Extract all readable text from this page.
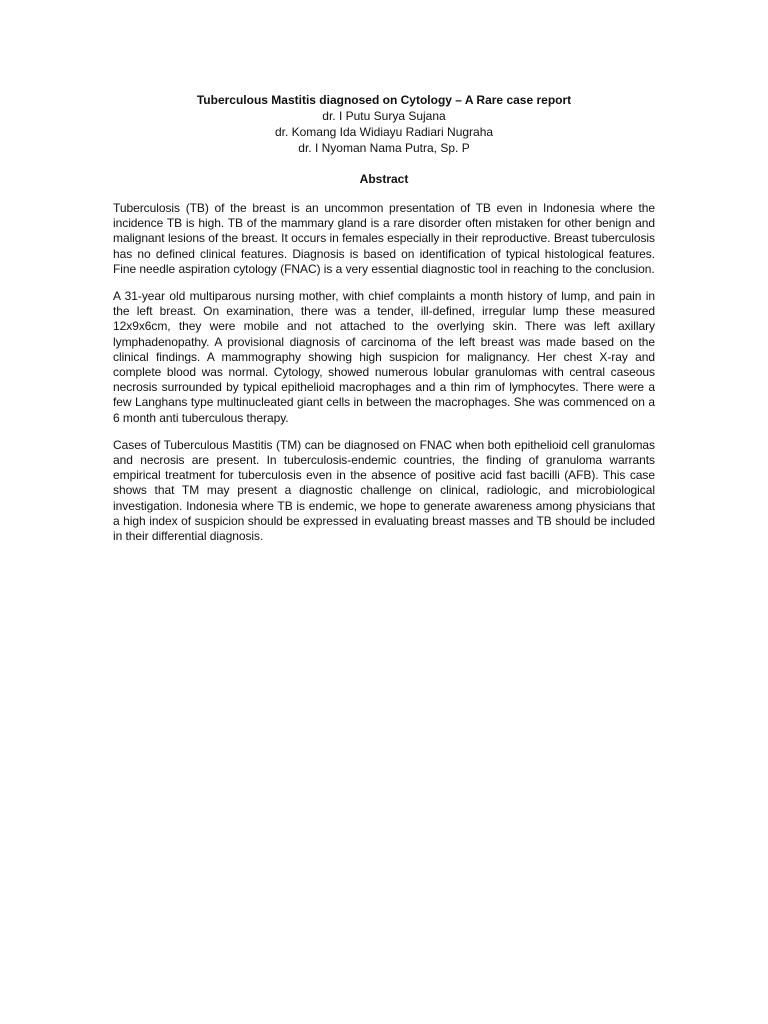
Tuberculous Mastitis diagnosed on Cytology – A Rare case report

dr. I Putu Surya Sujana

dr. Komang Ida Widiayu Radiari Nugraha

dr. I Nyoman Nama Putra, Sp. P

Abstract

Tuberculosis (TB) of the breast is an uncommon presentation of TB even in Indonesia where the incidence TB is high. TB of the mammary gland is a rare disorder often mistaken for other benign and malignant lesions of the breast. It occurs in females especially in their reproductive. Breast tuberculosis has no defined clinical features. Diagnosis is based on identification of typical histological features. Fine needle aspiration cytology (FNAC) is a very essential diagnostic tool in reaching to the conclusion.

A 31-year old multiparous nursing mother, with chief complaints a month history of lump, and pain in the left breast. On examination, there was a tender, ill-defined, irregular lump these measured 12x9x6cm, they were mobile and not attached to the overlying skin. There was left axillary lymphadenopathy. A provisional diagnosis of carcinoma of the left breast was made based on the clinical findings. A mammography showing high suspicion for malignancy. Her chest X-ray and complete blood was normal. Cytology, showed numerous lobular granulomas with central caseous necrosis surrounded by typical epithelioid macrophages and a thin rim of lymphocytes. There were a few Langhans type multinucleated giant cells in between the macrophages. She was commenced on a 6 month anti tuberculous therapy.

Cases of Tuberculous Mastitis (TM) can be diagnosed on FNAC when both epithelioid cell granulomas and necrosis are present. In tuberculosis-endemic countries, the finding of granuloma warrants empirical treatment for tuberculosis even in the absence of positive acid fast bacilli (AFB). This case shows that TM may present a diagnostic challenge on clinical, radiologic, and microbiological investigation. Indonesia where TB is endemic, we hope to generate awareness among physicians that a high index of suspicion should be expressed in evaluating breast masses and TB should be included in their differential diagnosis.
